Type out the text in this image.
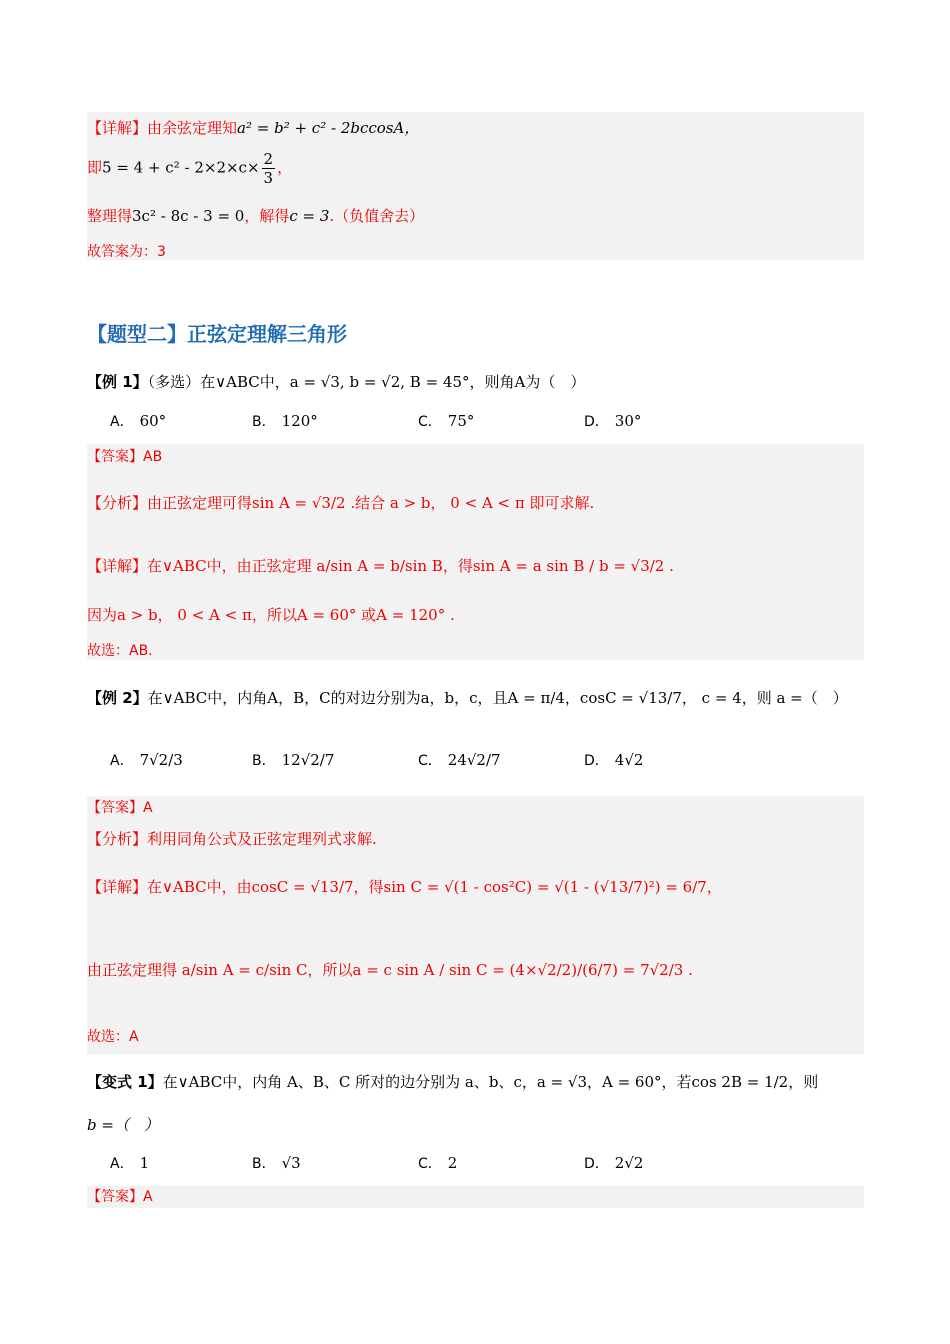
【详解】由余弦定理知a² = b² + c² - 2bccosA，
即$5 = 4 + c^2 - 2\times 2\times c\times \frac{2}{3}$ ，
整理得3c² - 8c - 3 = 0，解得c = 3.（负值舍去）
故答案为：3
【题型二】正弦定理解三角形
【例 1】（多选）在∨ABC中，a = √3, b = √2, B = 45°，则角A为（　）
A． 60°	B． 120°	C． 75°	D． 30°
【答案】AB
【分析】由正弦定理可得sin A = √3/2 .结合 a > b， 0 < A < π 即可求解.
【详解】在∨ABC中，由正弦定理 a/sin A = b/sin B，得sin A = a sin B / b = √3/2 .
因为a > b， 0 < A < π，所以A = 60° 或A = 120° .
故选：AB.
【例 2】在∨ABC中，内角A，B，C的对边分别为a，b，c，且A = π/4，cosC = √13/7， c = 4，则 a =（　）
A． 7√2/3	B． 12√2/7	C． 24√2/7	D． 4√2
【答案】A
【分析】利用同角公式及正弦定理列式求解.
【详解】在∨ABC中，由cosC = √13/7，得sin C = √(1 - cos²C) = √(1 - (√13/7)²) = 6/7，
由正弦定理得 a/sin A = c/sin C，所以a = c sin A / sin C = (4×√2/2)/(6/7) = 7√2/3 .
故选：A
【变式 1】在∨ABC中，内角 A、B、C 所对的边分别为 a、b、c，a = √3，A = 60°，若cos 2B = 1/2，则
b =（　）
A． 1	B． √3	C． 2	D． 2√2
【答案】A
